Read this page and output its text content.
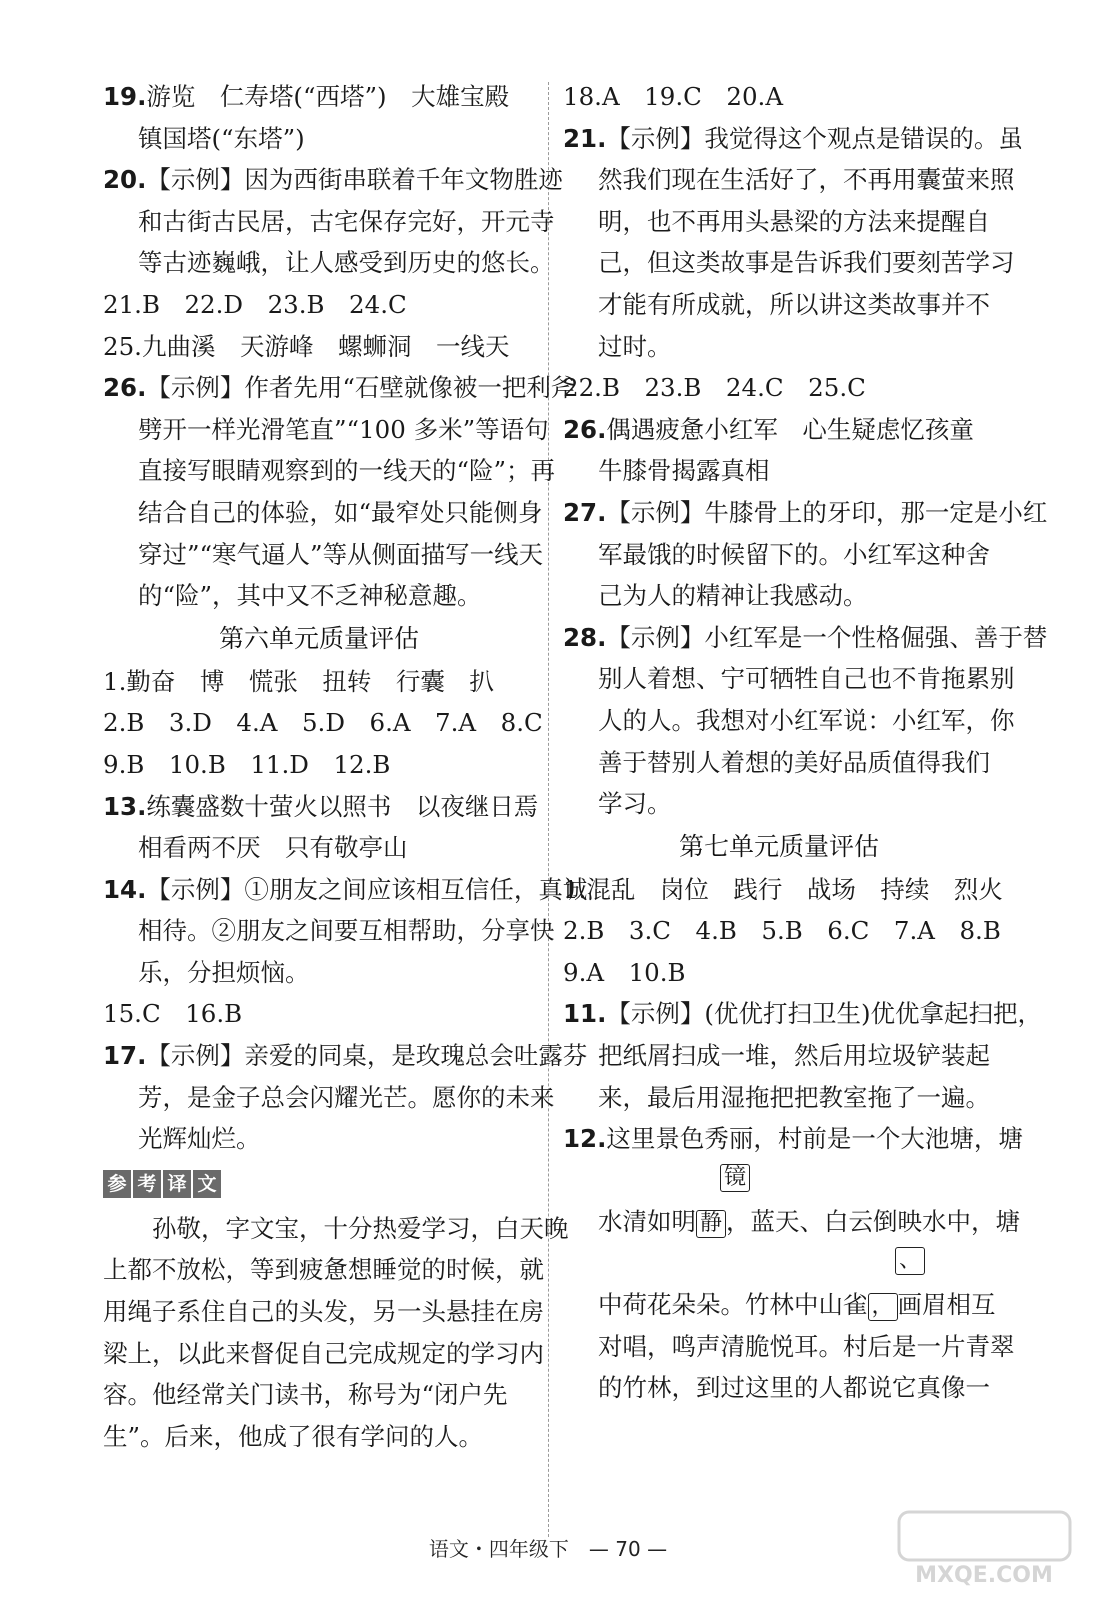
19.游览　仁寿塔(“西塔”)　大雄宝殿
镇国塔(“东塔”)
20.【示例】因为西街串联着千年文物胜迹
和古街古民居，古宅保存完好，开元寺
等古迹巍峨，让人感受到历史的悠长。
21.B　22.D　23.B　24.C
25.九曲溪　天游峰　螺蛳洞　一线天
26.【示例】作者先用“石壁就像被一把利斧
劈开一样光滑笔直”“100 多米”等语句
直接写眼睛观察到的一线天的“险”；再
结合自己的体验，如“最窄处只能侧身
穿过”“寒气逼人”等从侧面描写一线天
的“险”，其中又不乏神秘意趣。
第六单元质量评估
1.勤奋　博　慌张　扭转　行囊　扒
2.B　3.D　4.A　5.D　6.A　7.A　8.C
9.B　10.B　11.D　12.B
13.练囊盛数十萤火以照书　以夜继日焉
相看两不厌　只有敬亭山
14.【示例】①朋友之间应该相互信任，真诚
相待。②朋友之间要互相帮助，分享快
乐，分担烦恼。
15.C　16.B
17.【示例】亲爱的同桌，是玫瑰总会吐露芬
芳，是金子总会闪耀光芒。愿你的未来
光辉灿烂。
参 考 译 文
　　孙敬，字文宝，十分热爱学习，白天晚
上都不放松，等到疲惫想睡觉的时候，就
用绳子系住自己的头发，另一头悬挂在房
梁上，以此来督促自己完成规定的学习内
容。他经常关门读书，称号为“闭户先
生”。后来，他成了很有学问的人。
18.A　19.C　20.A
21.【示例】我觉得这个观点是错误的。虽
然我们现在生活好了，不再用囊萤来照
明，也不再用头悬梁的方法来提醒自
己，但这类故事是告诉我们要刻苦学习
才能有所成就，所以讲这类故事并不
过时。
22.B　23.B　24.C　25.C
26.偶遇疲惫小红军　心生疑虑忆孩童
牛膝骨揭露真相
27.【示例】牛膝骨上的牙印，那一定是小红
军最饿的时候留下的。小红军这种舍
己为人的精神让我感动。
28.【示例】小红军是一个性格倔强、善于替
别人着想、宁可牺牲自己也不肯拖累别
人的人。我想对小红军说：小红军，你
善于替别人着想的美好品质值得我们
学习。
第七单元质量评估
1.混乱　岗位　践行　战场　持续　烈火
2.B　3.C　4.B　5.B　6.C　7.A　8.B
9.A　10.B
11.【示例】(优优打扫卫生)优优拿起扫把，
把纸屑扫成一堆，然后用垃圾铲装起
来，最后用湿拖把把教室拖了一遍。
12.这里景色秀丽，村前是一个大池塘，塘
镜
水清如明 静 ，蓝天、白云倒映水中，塘
、
中荷花朵朵。竹林中山雀 ， 画眉相互
对唱，鸣声清脆悦耳。村后是一片青翠
的竹林，到过这里的人都说它真像一
语文・四年级下　— 70 —
MXQE.COM
